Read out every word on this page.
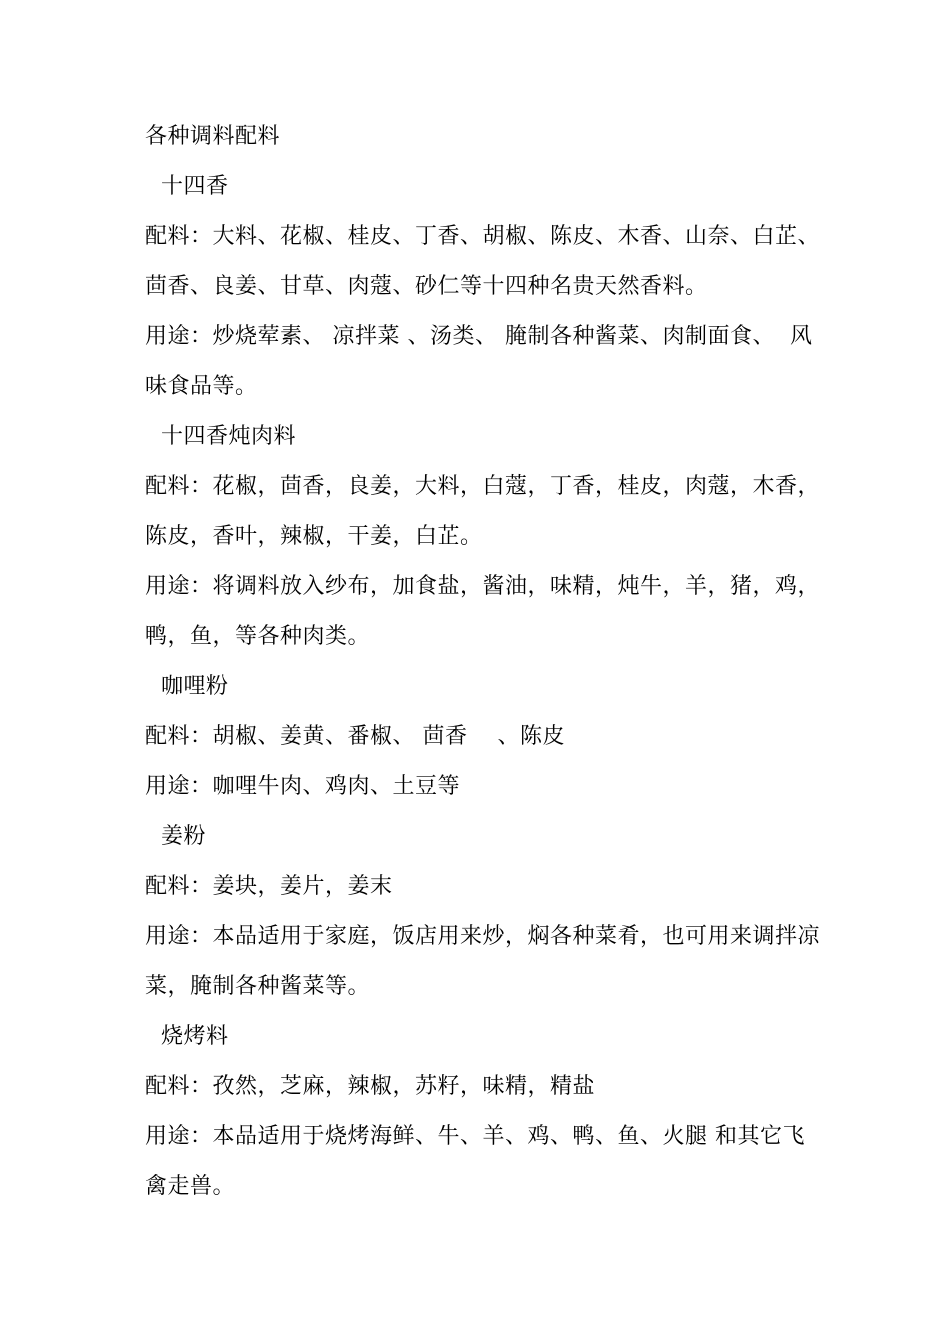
各种调料配料
十四香
配料：大料、花椒、桂皮、丁香、胡椒、陈皮、木香、山奈、白芷、
茴香、良姜、甘草、肉蔻、砂仁等十四种名贵天然香料。
用途：炒烧荤素、 凉拌菜 、汤类、 腌制各种酱菜、肉制面食、  风
味食品等。
十四香炖肉料
配料：花椒，茴香，良姜，大料，白蔻，丁香，桂皮，肉蔻，木香，
陈皮，香叶，辣椒，干姜，白芷。
用途：将调料放入纱布，加食盐，酱油，味精，炖牛，羊，猪，鸡，
鸭，鱼，等各种肉类。
咖哩粉
配料：胡椒、姜黄、番椒、 茴香    、陈皮
用途：咖哩牛肉、鸡肉、土豆等
姜粉
配料：姜块，姜片，姜末
用途：本品适用于家庭，饭店用来炒，焖各种菜肴，也可用来调拌凉
菜，腌制各种酱菜等。
烧烤料
配料：孜然，芝麻，辣椒，苏籽，味精，精盐
用途：本品适用于烧烤海鲜、牛、羊、鸡、鸭、鱼、火腿 和其它飞
禽走兽。
